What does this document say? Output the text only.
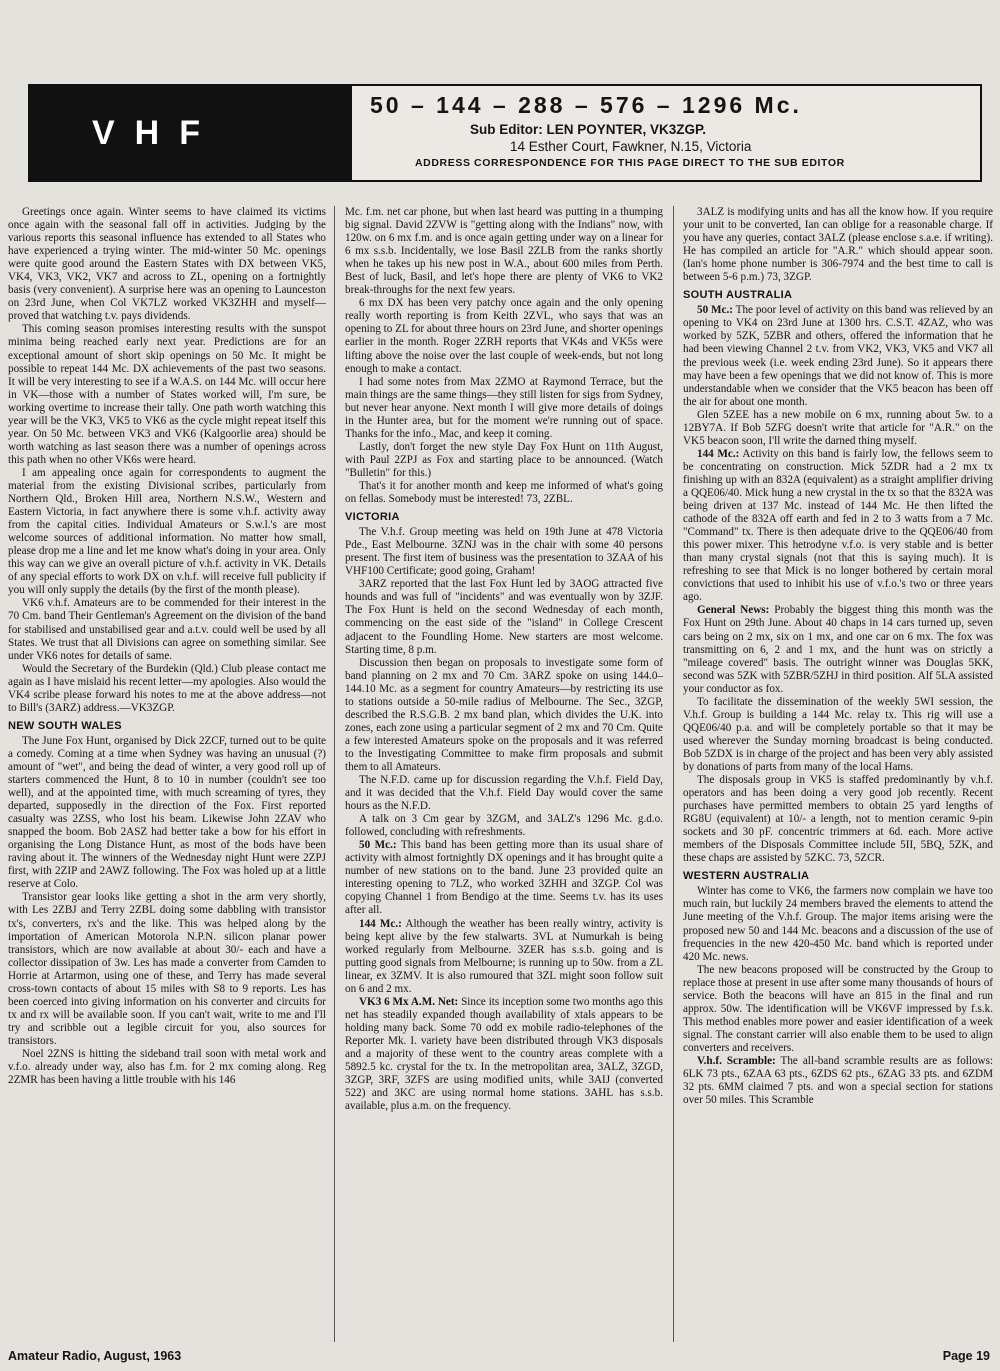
VHF
50 – 144 – 288 – 576 – 1296 Mc.
Sub Editor: LEN POYNTER, VK3ZGP.
14 Esther Court, Fawkner, N.15, Victoria
ADDRESS CORRESPONDENCE FOR THIS PAGE DIRECT TO THE SUB EDITOR

Greetings once again. Winter seems to have claimed its victims once again with the seasonal fall off in activities. Judging by the various reports this seasonal influence has extended to all States who have experienced a trying winter. The mid-winter 50 Mc. openings were quite good around the Eastern States with DX between VK5, VK4, VK3, VK2, VK7 and across to ZL, opening on a fortnightly basis (very convenient). A surprise here was an opening to Launceston on 23rd June, when Col VK7LZ worked VK3ZHH and myself—proved that watching t.v. pays dividends.

This coming season promises interesting results with the sunspot minima being reached early next year. Predictions are for an exceptional amount of short skip openings on 50 Mc. It might be possible to repeat 144 Mc. DX achievements of the past two seasons. It will be very interesting to see if a W.A.S. on 144 Mc. will occur here in VK—those with a number of States worked will, I'm sure, be working overtime to increase their tally. One path worth watching this year will be the VK3, VK5 to VK6 as the cycle might repeat itself this year. On 50 Mc. between VK3 and VK6 (Kalgoorlie area) should be worth watching as last season there was a number of openings across this path when no other VK6s were heard.

I am appealing once again for correspondents to augment the material from the existing Divisional scribes, particularly from Northern Qld., Broken Hill area, Northern N.S.W., Western and Eastern Victoria, in fact anywhere there is some v.h.f. activity away from the capital cities. Individual Amateurs or S.w.l.'s are most welcome sources of additional information. No matter how small, please drop me a line and let me know what's doing in your area. Only this way can we give an overall picture of v.h.f. activity in VK. Details of any special efforts to work DX on v.h.f. will receive full publicity if you will only supply the details (by the first of the month please).

VK6 v.h.f. Amateurs are to be commended for their interest in the 70 Cm. band Their Gentleman's Agreement on the division of the band for stabilised and unstabilised gear and a.t.v. could well be used by all States. We trust that all Divisions can agree on something similar. See under VK6 notes for details of same.

Would the Secretary of the Burdekin (Qld.) Club please contact me again as I have mislaid his recent letter—my apologies. Also would the VK4 scribe please forward his notes to me at the above address—not to Bill's (3ARZ) address.—VK3ZGP.

NEW SOUTH WALES

The June Fox Hunt, organised by Dick 2ZCF, turned out to be quite a comedy. Coming at a time when Sydney was having an unusual (?) amount of "wet", and being the dead of winter, a very good roll up of starters commenced the Hunt, 8 to 10 in number (couldn't see too well), and at the appointed time, with much screaming of tyres, they departed, supposedly in the direction of the Fox. First reported casualty was 2ZSS, who lost his beam. Likewise John 2ZAV who snapped the boom. Bob 2ASZ had better take a bow for his effort in organising the Long Distance Hunt, as most of the bods have been raving about it. The winners of the Wednesday night Hunt were 2ZPJ first, with 2ZIP and 2AWZ following. The Fox was holed up at a little reserve at Colo.

Transistor gear looks like getting a shot in the arm very shortly, with Les 2ZBJ and Terry 2ZBL doing some dabbling with transistor tx's, converters, rx's and the like. This was helped along by the importation of American Motorola N.P.N. silicon planar power transistors, which are now available at about 30/- each and have a collector dissipation of 3w. Les has made a converter from Camden to Horrie at Artarmon, using one of these, and Terry has made several cross-town contacts of about 15 miles with S8 to 9 reports. Les has been coerced into giving information on his converter and circuits for tx and rx will be available soon. If you can't wait, write to me and I'll try and scribble out a legible circuit for you, also sources for transistors.

Noel 2ZNS is hitting the sideband trail soon with metal work and v.f.o. already under way, also has f.m. for 2 mx coming along. Reg 2ZMR has been having a little trouble with his 146

Mc. f.m. net car phone, but when last heard was putting in a thumping big signal. David 2ZVW is "getting along with the Indians" now, with 120w. on 6 mx f.m. and is once again getting under way on a linear for 6 mx s.s.b. Incidentally, we lose Basil 2ZLB from the ranks shortly when he takes up his new post in W.A., about 600 miles from Perth. Best of luck, Basil, and let's hope there are plenty of VK6 to VK2 break-throughs for the next few years.

6 mx DX has been very patchy once again and the only opening really worth reporting is from Keith 2ZVL, who says that was an opening to ZL for about three hours on 23rd June, and shorter openings earlier in the month. Roger 2ZRH reports that VK4s and VK5s were lifting above the noise over the last couple of week-ends, but not long enough to make a contact.

I had some notes from Max 2ZMO at Raymond Terrace, but the main things are the same things—they still listen for sigs from Sydney, but never hear anyone. Next month I will give more details of doings in the Hunter area, but for the moment we're running out of space. Thanks for the info., Mac, and keep it coming.

Lastly, don't forget the new style Day Fox Hunt on 11th August, with Paul 2ZPJ as Fox and starting place to be announced. (Watch "Bulletin" for this.)

That's it for another month and keep me informed of what's going on fellas. Somebody must be interested! 73, 2ZBL.

VICTORIA

The V.h.f. Group meeting was held on 19th June at 478 Victoria Pde., East Melbourne. 3ZNJ was in the chair with some 40 persons present. The first item of business was the presentation to 3ZAA of his VHF100 Certificate; good going, Graham!

3ARZ reported that the last Fox Hunt led by 3AOG attracted five hounds and was full of "incidents" and was eventually won by 3ZJF. The Fox Hunt is held on the second Wednesday of each month, commencing on the east side of the "island" in College Crescent adjacent to the Foundling Home. New starters are most welcome. Starting time, 8 p.m.

Discussion then began on proposals to investigate some form of band planning on 2 mx and 70 Cm. 3ARZ spoke on using 144.0–144.10 Mc. as a segment for country Amateurs—by restricting its use to stations outside a 50-mile radius of Melbourne. The Sec., 3ZGP, described the R.S.G.B. 2 mx band plan, which divides the U.K. into zones, each zone using a particular segment of 2 mx and 70 Cm. Quite a few interested Amateurs spoke on the proposals and it was referred to the Investigating Committee to make firm proposals and submit them to all Amateurs.

The N.F.D. came up for discussion regarding the V.h.f. Field Day, and it was decided that the V.h.f. Field Day would cover the same hours as the N.F.D.

A talk on 3 Cm gear by 3ZGM, and 3ALZ's 1296 Mc. g.d.o. followed, concluding with refreshments.

50 Mc.: This band has been getting more than its usual share of activity with almost fortnightly DX openings and it has brought quite a number of new stations on to the band. June 23 provided quite an interesting opening to 7LZ, who worked 3ZHH and 3ZGP. Col was copying Channel 1 from Bendigo at the time. Seems t.v. has its uses after all.

144 Mc.: Although the weather has been really wintry, activity is being kept alive by the few stalwarts. 3VL at Numurkah is being worked regularly from Melbourne. 3ZER has s.s.b. going and is putting good signals from Melbourne; is running up to 50w. from a ZL linear, ex 3ZMV. It is also rumoured that 3ZL might soon follow suit on 6 and 2 mx.

VK3 6 Mx A.M. Net: Since its inception some two months ago this net has steadily expanded though availability of xtals appears to be holding many back. Some 70 odd ex mobile radio-telephones of the Reporter Mk. I. variety have been distributed through VK3 disposals and a majority of these went to the country areas complete with a 5892.5 kc. crystal for the tx. In the metropolitan area, 3ALZ, 3ZGD, 3ZGP, 3RF, 3ZFS are using modified units, while 3AIJ (converted 522) and 3KC are using normal home stations. 3AHL has s.s.b. available, plus a.m. on the frequency.

3ALZ is modifying units and has all the know how. If you require your unit to be converted, Ian can oblige for a reasonable charge. If you have any queries, contact 3ALZ (please enclose s.a.e. if writing). He has compiled an article for "A.R." which should appear soon. (Ian's home phone number is 306-7974 and the best time to call is between 5-6 p.m.) 73, 3ZGP.

SOUTH AUSTRALIA

50 Mc.: The poor level of activity on this band was relieved by an opening to VK4 on 23rd June at 1300 hrs. C.S.T. 4ZAZ, who was worked by 5ZK, 5ZBR and others, offered the information that he had been viewing Channel 2 t.v. from VK2, VK3, VK5 and VK7 all the previous week (i.e. week ending 23rd June). So it appears there may have been a few openings that we did not know of. This is more understandable when we consider that the VK5 beacon has been off the air for about one month.

Glen 5ZEE has a new mobile on 6 mx, running about 5w. to a 12BY7A. If Bob 5ZFG doesn't write that article for "A.R." on the VK5 beacon soon, I'll write the darned thing myself.

144 Mc.: Activity on this band is fairly low, the fellows seem to be concentrating on construction. Mick 5ZDR had a 2 mx tx finishing up with an 832A (equivalent) as a straight amplifier driving a QQE06/40. Mick hung a new crystal in the tx so that the 832A was being driven at 137 Mc. instead of 144 Mc. He then lifted the cathode of the 832A off earth and fed in 2 to 3 watts from a 7 Mc. "Command" tx. There is then adequate drive to the QQE06/40 from this power mixer. This hetrodyne v.f.o. is very stable and is better than many crystal signals (not that this is saying much). It is refreshing to see that Mick is no longer bothered by certain moral convictions that used to inhibit his use of v.f.o.'s two or three years ago.

General News: Probably the biggest thing this month was the Fox Hunt on 29th June. About 40 chaps in 14 cars turned up, seven cars being on 2 mx, six on 1 mx, and one car on 6 mx. The fox was transmitting on 6, 2 and 1 mx, and the hunt was on strictly a "mileage covered" basis. The outright winner was Douglas 5KK, second was 5ZK with 5ZBR/5ZHJ in third position. Alf 5LA assisted your conductor as fox.

To facilitate the dissemination of the weekly 5WI session, the V.h.f. Group is building a 144 Mc. relay tx. This rig will use a QQE06/40 p.a. and will be completely portable so that it may be used wherever the Sunday morning broadcast is being conducted. Bob 5ZDX is in charge of the project and has been very ably assisted by donations of parts from many of the local Hams.

The disposals group in VK5 is staffed predominantly by v.h.f. operators and has been doing a very good job recently. Recent purchases have permitted members to obtain 25 yard lengths of RG8U (equivalent) at 10/- a length, not to mention ceramic 9-pin sockets and 30 pF. concentric trimmers at 6d. each. More active members of the Disposals Committee include 5II, 5BQ, 5ZK, and these chaps are assisted by 5ZKC. 73, 5ZCR.

WESTERN AUSTRALIA

Winter has come to VK6, the farmers now complain we have too much rain, but luckily 24 members braved the elements to attend the June meeting of the V.h.f. Group. The major items arising were the proposed new 50 and 144 Mc. beacons and a discussion of the use of frequencies in the new 420-450 Mc. band which is reported under 420 Mc. news.

The new beacons proposed will be constructed by the Group to replace those at present in use after some many thousands of hours of service. Both the beacons will have an 815 in the final and run approx. 50w. The identification will be VK6VF impressed by f.s.k. This method enables more power and easier identification of a week signal. The constant carrier will also enable them to be used to align converters and receivers.

V.h.f. Scramble: The all-band scramble results are as follows: 6LK 73 pts., 6ZAA 63 pts., 6ZDS 62 pts., 6ZAG 33 pts. and 6ZDM 32 pts. 6MM claimed 7 pts. and won a special section for stations over 50 miles. This Scramble

Amateur Radio, August, 1963	Page 19
